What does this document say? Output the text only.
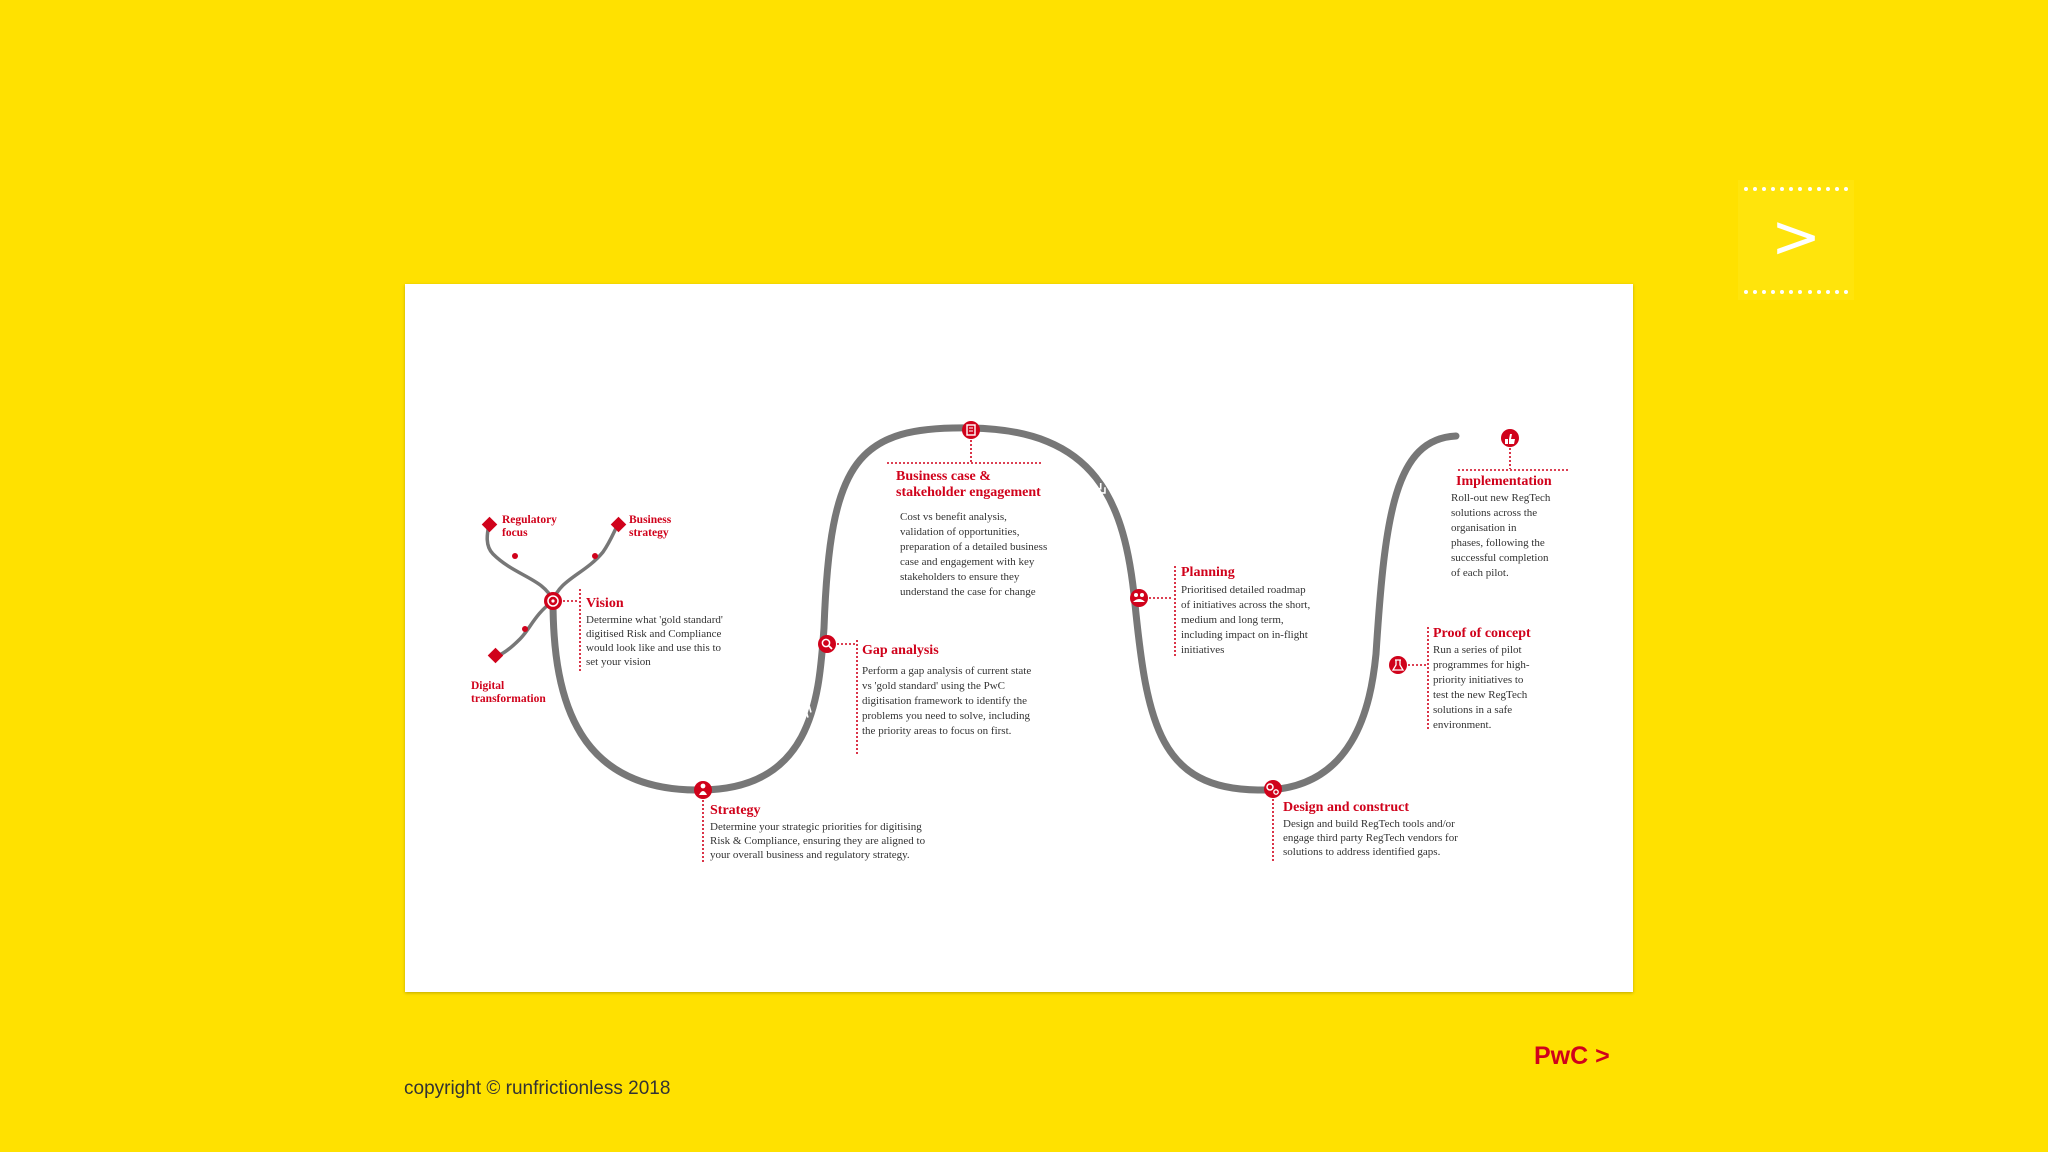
>
Regulatory focus
Business strategy
Digital transformation
Vision
Determine what 'gold standard' digitised Risk and Compliance would look like and use this to set your vision
Strategy
Determine your strategic priorities for digitising Risk & Compliance, ensuring they are aligned to your overall business and regulatory strategy.
Gap analysis
Perform a gap analysis of current state vs 'gold standard' using the PwC digitisation framework to identify the problems you need to solve, including the priority areas to focus on first.
Business case & stakeholder engagement
Cost vs benefit analysis, validation of opportunities, preparation of a detailed business case and engagement with key stakeholders to ensure they understand the case for change
Planning
Prioritised detailed roadmap of initiatives across the short, medium and long term, including impact on in-flight initiatives
Design and construct
Design and build RegTech tools and/or engage third party RegTech vendors for solutions to address identified gaps.
Proof of concept
Run a series of pilot programmes for high- priority initiatives to test the new RegTech solutions in a safe environment.
Implementation
Roll-out new RegTech solutions across the organisation in phases, following the successful completion of each pilot.
PwC >
copyright © runfrictionless 2018
